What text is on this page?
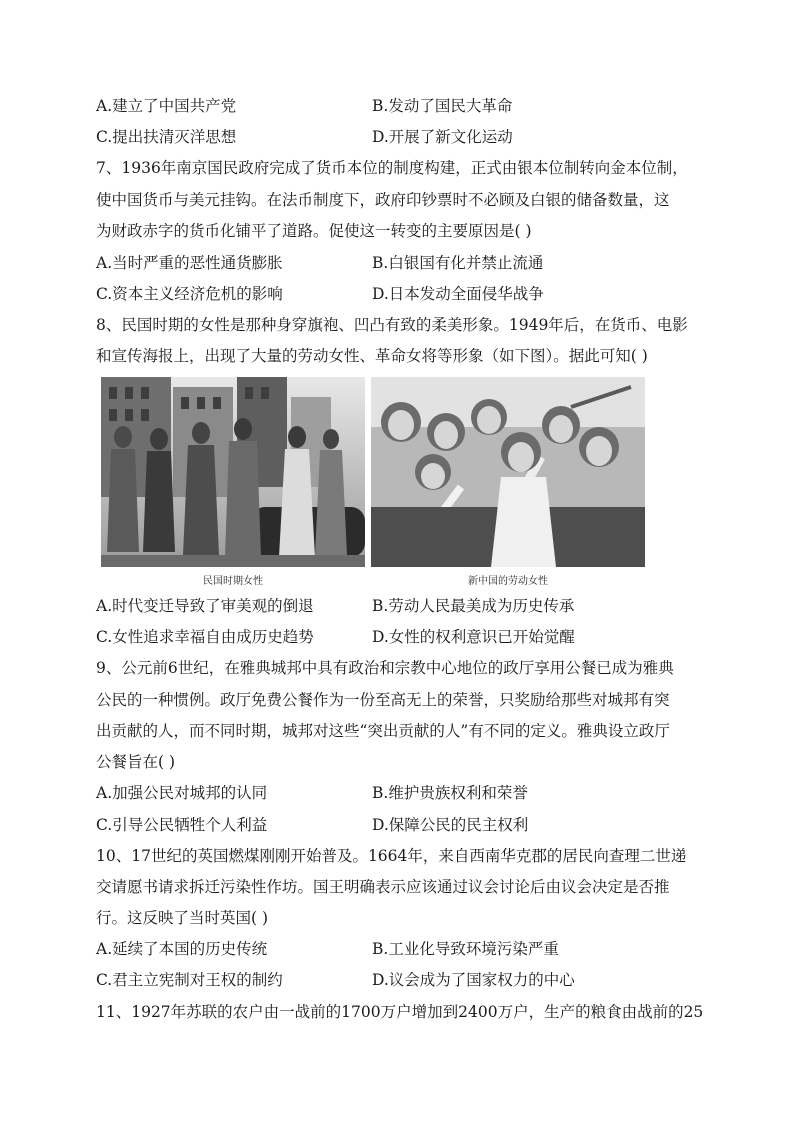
A.建立了中国共产党	B.发动了国民大革命
C.提出扶清灭洋思想	D.开展了新文化运动
7、1936年南京国民政府完成了货币本位的制度构建，正式由银本位制转向金本位制，
使中国货币与美元挂钩。在法币制度下，政府印钞票时不必顾及白银的储备数量，这
为财政赤字的货币化铺平了道路。促使这一转变的主要原因是( )
A.当时严重的恶性通货膨胀	B.白银国有化并禁止流通
C.资本主义经济危机的影响	D.日本发动全面侵华战争
8、民国时期的女性是那种身穿旗袍、凹凸有致的柔美形象。1949年后，在货币、电影
和宣传海报上，出现了大量的劳动女性、革命女将等形象（如下图）。据此可知( )
民国时期女性	新中国的劳动女性
A.时代变迁导致了审美观的倒退	B.劳动人民最美成为历史传承
C.女性追求幸福自由成历史趋势	D.女性的权利意识已开始觉醒
9、公元前6世纪，在雅典城邦中具有政治和宗教中心地位的政厅享用公餐已成为雅典
公民的一种惯例。政厅免费公餐作为一份至高无上的荣誉，只奖励给那些对城邦有突
出贡献的人，而不同时期，城邦对这些“突出贡献的人”有不同的定义。雅典设立政厅
公餐旨在( )
A.加强公民对城邦的认同	B.维护贵族权利和荣誉
C.引导公民牺牲个人利益	D.保障公民的民主权利
10、17世纪的英国燃煤刚刚开始普及。1664年，来自西南华克郡的居民向查理二世递
交请愿书请求拆迁污染性作坊。国王明确表示应该通过议会讨论后由议会决定是否推
行。这反映了当时英国( )
A.延续了本国的历史传统	B.工业化导致环境污染严重
C.君主立宪制对王权的制约	D.议会成为了国家权力的中心
11、1927年苏联的农户由一战前的1700万户增加到2400万户，生产的粮食由战前的25
